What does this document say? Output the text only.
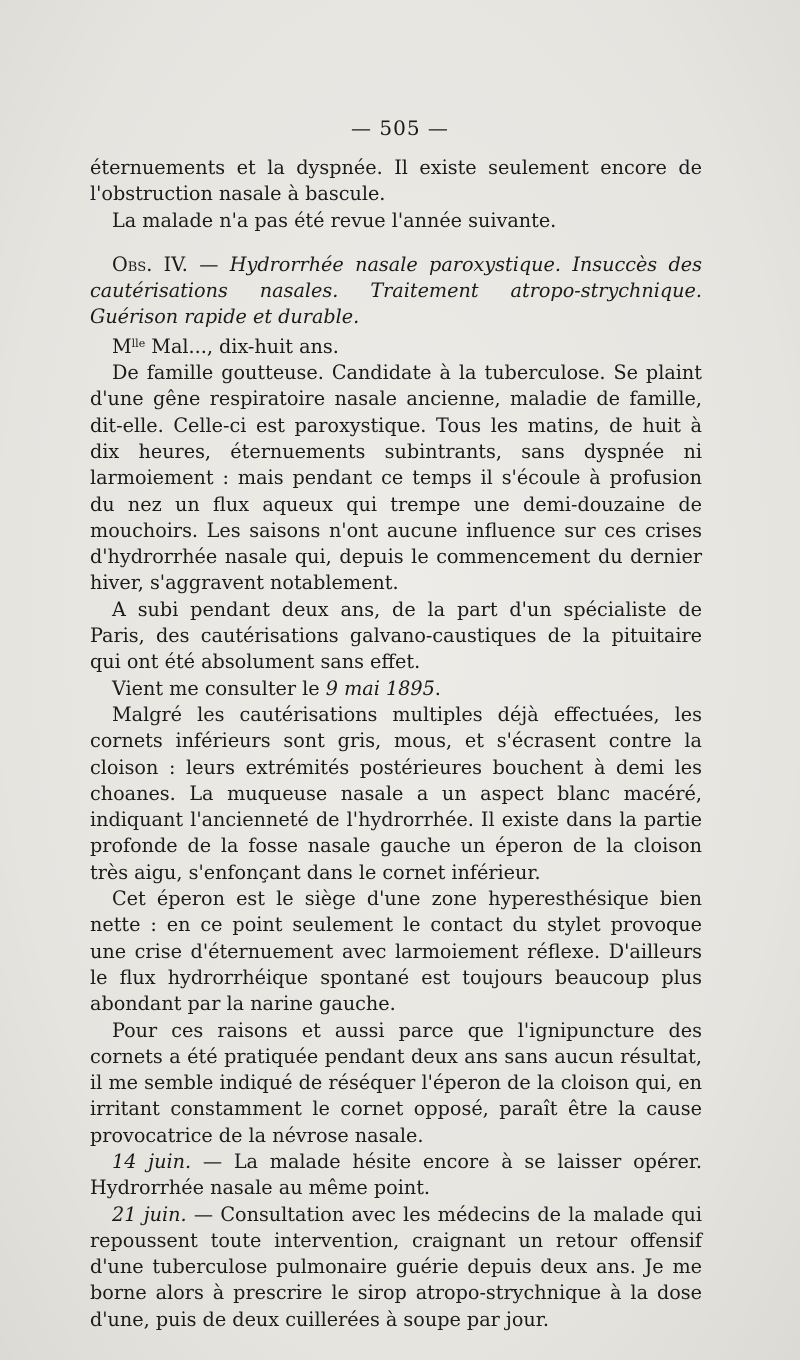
— 505 —

éternuements et la dyspnée. Il existe seulement encore de l'obstruction nasale à bascule.

La malade n'a pas été revue l'année suivante.

Obs. IV. — Hydrorrhée nasale paroxystique. Insuccès des cautérisations nasales. Traitement atropo-strychnique. Guérison rapide et durable.

$M^{lle}$ Mal..., dix-huit ans.

De famille goutteuse. Candidate à la tuberculose. Se plaint d'une gêne respiratoire nasale ancienne, maladie de famille, dit-elle. Celle-ci est paroxystique. Tous les matins, de huit à dix heures, éternuements subintrants, sans dyspnée ni larmoiement : mais pendant ce temps il s'écoule à profusion du nez un flux aqueux qui trempe une demi-douzaine de mouchoirs. Les saisons n'ont aucune influence sur ces crises d'hydrorrhée nasale qui, depuis le commencement du dernier hiver, s'aggravent notablement.

A subi pendant deux ans, de la part d'un spécialiste de Paris, des cautérisations galvano-caustiques de la pituitaire qui ont été absolument sans effet.

Vient me consulter le 9 mai 1895.

Malgré les cautérisations multiples déjà effectuées, les cornets inférieurs sont gris, mous, et s'écrasent contre la cloison : leurs extrémités postérieures bouchent à demi les choanes. La muqueuse nasale a un aspect blanc macéré, indiquant l'ancienneté de l'hydrorrhée. Il existe dans la partie profonde de la fosse nasale gauche un éperon de la cloison très aigu, s'enfonçant dans le cornet inférieur.

Cet éperon est le siège d'une zone hyperesthésique bien nette : en ce point seulement le contact du stylet provoque une crise d'éternuement avec larmoiement réflexe. D'ailleurs le flux hydrorrhéique spontané est toujours beaucoup plus abondant par la narine gauche.

Pour ces raisons et aussi parce que l'ignipuncture des cornets a été pratiquée pendant deux ans sans aucun résultat, il me semble indiqué de réséquer l'éperon de la cloison qui, en irritant constamment le cornet opposé, paraît être la cause provocatrice de la névrose nasale.

14 juin. — La malade hésite encore à se laisser opérer. Hydrorrhée nasale au même point.

21 juin. — Consultation avec les médecins de la malade qui repoussent toute intervention, craignant un retour offensif d'une tuberculose pulmonaire guérie depuis deux ans. Je me borne alors à prescrire le sirop atropo-strychnique à la dose d'une, puis de deux cuillerées à soupe par jour.
